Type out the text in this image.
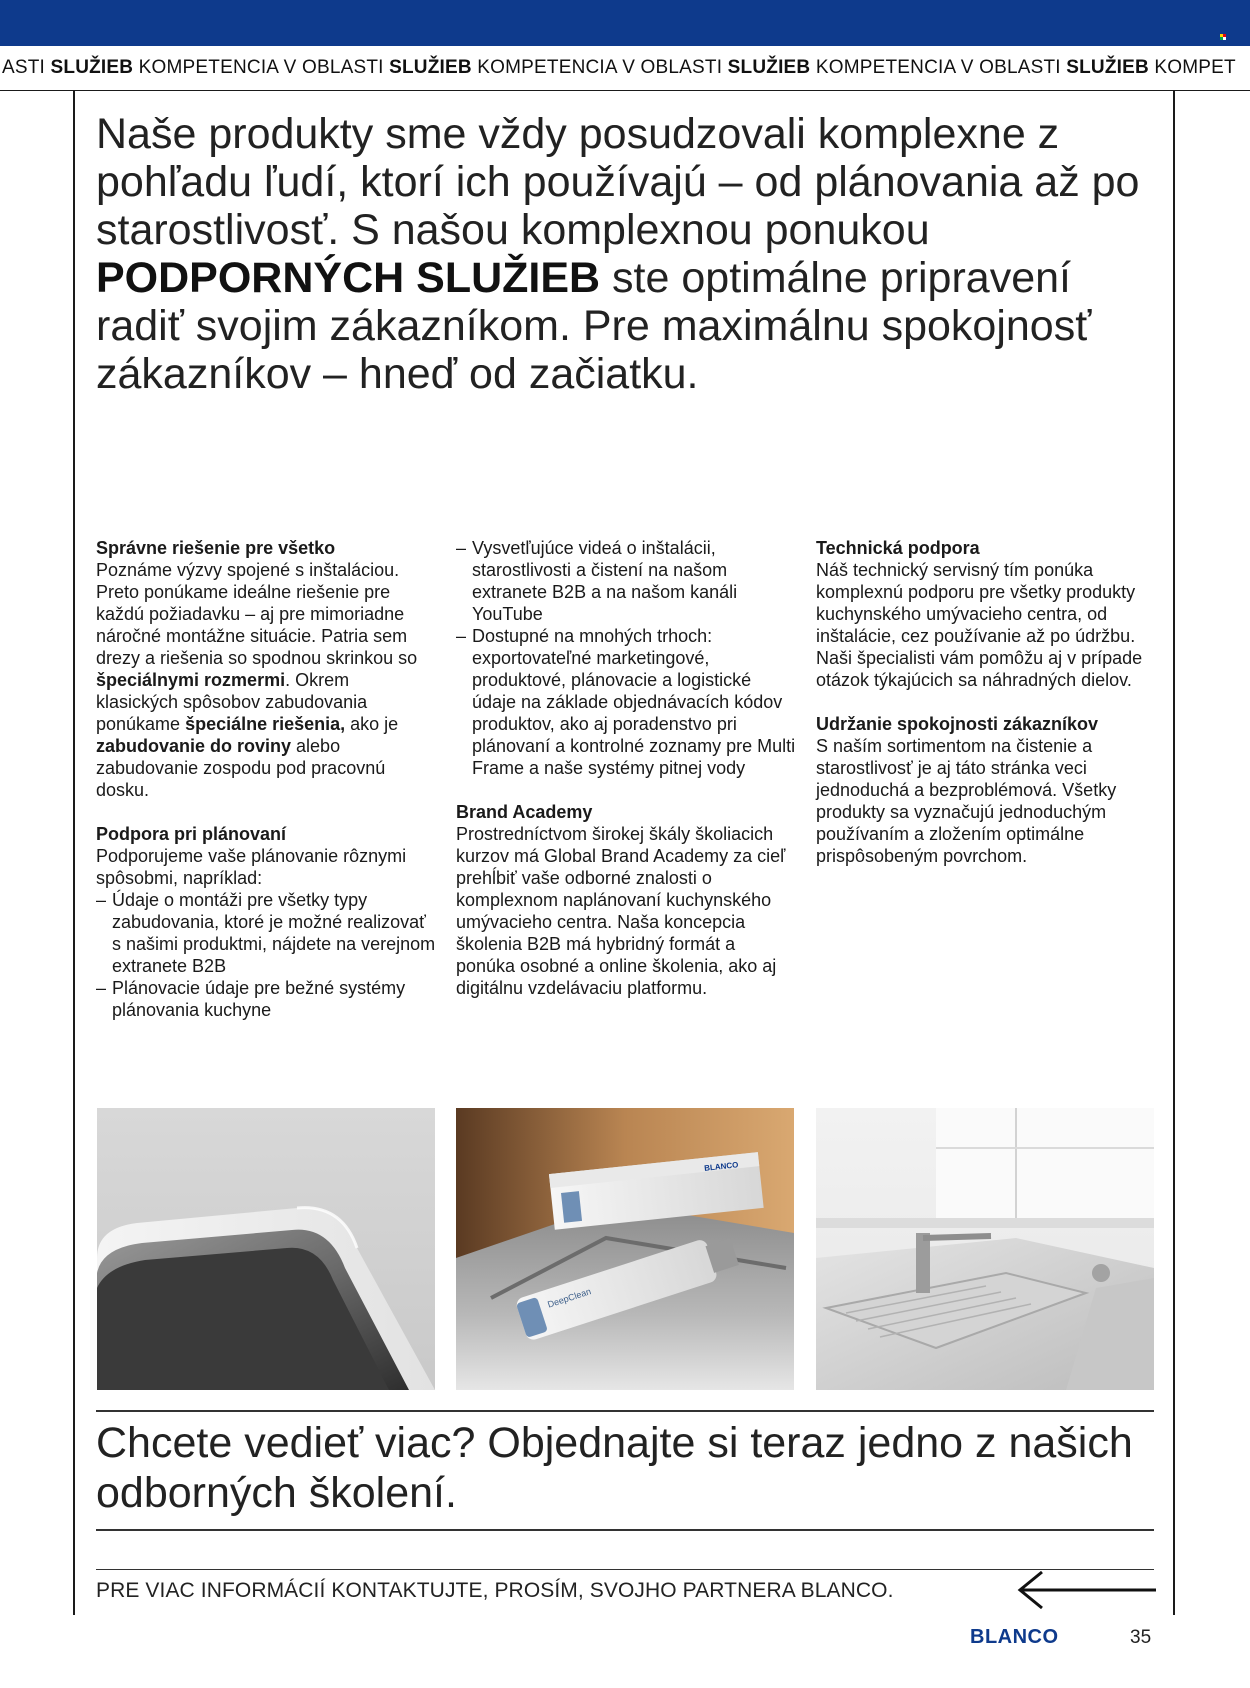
ASTI SLUŽIEB KOMPETENCIA V OBLASTI SLUŽIEB KOMPETENCIA V OBLASTI SLUŽIEB KOMPETENCIA V OBLASTI SLUŽIEB KOMPET

Naše produkty sme vždy posudzovali komplexne z pohľadu ľudí, ktorí ich používajú – od plánovania až po starostlivosť. S našou komplexnou ponukou PODPORNÝCH SLUŽIEB ste optimálne pripravení radiť svojim zákazníkom. Pre maximálnu spokojnosť zákazníkov – hneď od začiatku.

Správne riešenie pre všetko

Poznáme výzvy spojené s inštaláciou. Preto ponúkame ideálne riešenie pre každú požiadavku – aj pre mimoriadne náročné montážne situácie. Patria sem drezy a riešenia so spodnou skrinkou so špeciálnymi rozmermi. Okrem klasických spôsobov zabudovania ponúkame špeciálne riešenia, ako je zabudovanie do roviny alebo zabudovanie zospodu pod pracovnú dosku.

Podpora pri plánovaní

Podporujeme vaše plánovanie rôznymi spôsobmi, napríklad:

– Údaje o montáži pre všetky typy zabudovania, ktoré je možné realizovať s našimi produktmi, nájdete na verejnom extranete B2B
– Plánovacie údaje pre bežné systémy plánovania kuchyne
– Vysvetľujúce videá o inštalácii, starostlivosti a čistení na našom extranete B2B a na našom kanáli YouTube
– Dostupné na mnohých trhoch: exportovateľné marketingové, produktové, plánovacie a logistické údaje na základe objednávacích kódov produktov, ako aj poradenstvo pri plánovaní a kontrolné zoznamy pre Multi Frame a naše systémy pitnej vody
Brand Academy

Prostredníctvom širokej škály školiacich kurzov má Global Brand Academy za cieľ prehĺbiť vaše odborné znalosti o komplexnom naplánovaní kuchynského umývacieho centra. Naša koncepcia školenia B2B má hybridný formát a ponúka osobné a online školenia, ako aj digitálnu vzdelávaciu platformu.

Technická podpora

Náš technický servisný tím ponúka komplexnú podporu pre všetky produkty kuchynského umývacieho centra, od inštalácie, cez používanie až po údržbu. Naši špecialisti vám pomôžu aj v prípade otázok týkajúcich sa náhradných dielov.

Udržanie spokojnosti zákazníkov

S naším sortimentom na čistenie a starostlivosť je aj táto stránka veci jednoduchá a bezproblémová. Všetky produkty sa vyznačujú jednoduchým používaním a zložením optimálne prispôsobeným povrchom.

BLANCO
DeepClean

Chcete vedieť viac? Objednajte si teraz jedno z našich odborných školení.

PRE VIAC INFORMÁCIÍ KONTAKTUJTE, PROSÍM, SVOJHO PARTNERA BLANCO.
BLANCO	35
